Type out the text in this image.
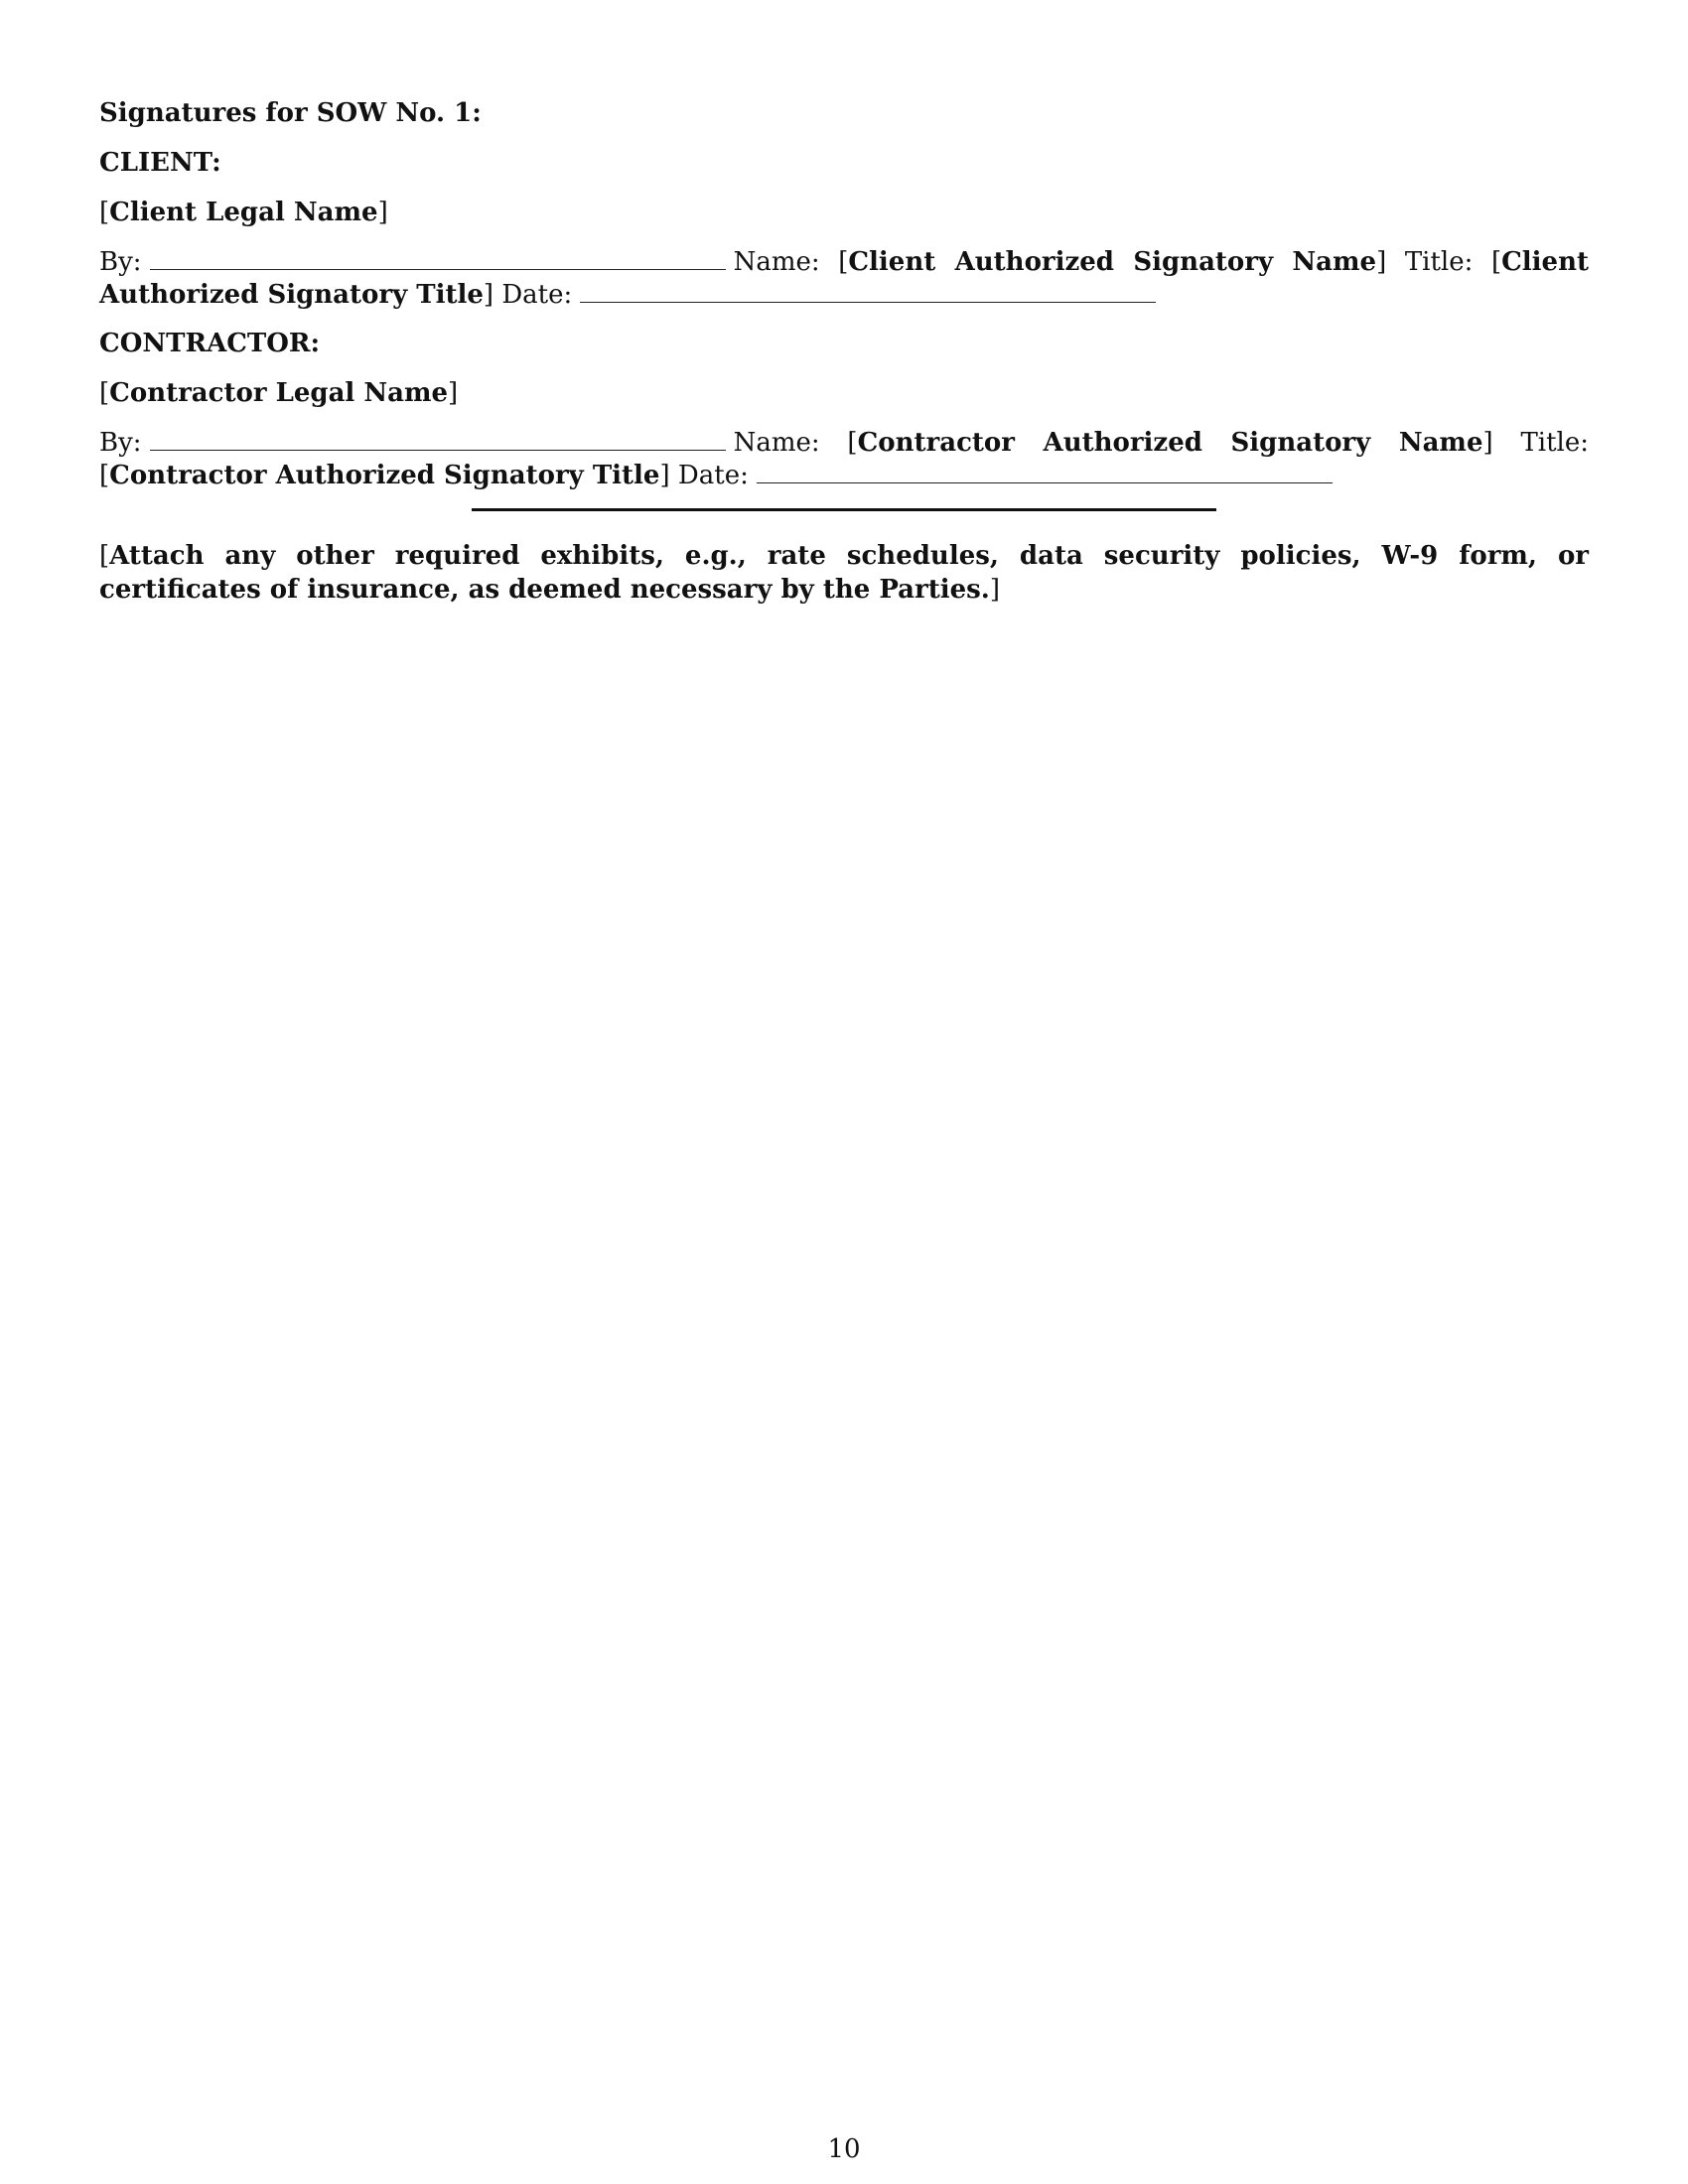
Signatures for SOW No. 1:

CLIENT:

[Client Legal Name]

By:	Name: [Client Authorized Signatory Name] Title: [Client Authorized Signatory Title] Date:

CONTRACTOR:

[Contractor Legal Name]

By:	Name: [Contractor Authorized Signatory Name] Title: [Contractor Authorized Signatory Title] Date:

[Attach any other required exhibits, e.g., rate schedules, data security policies, W-9 form, or certificates of insurance, as deemed necessary by the Parties.]

10
